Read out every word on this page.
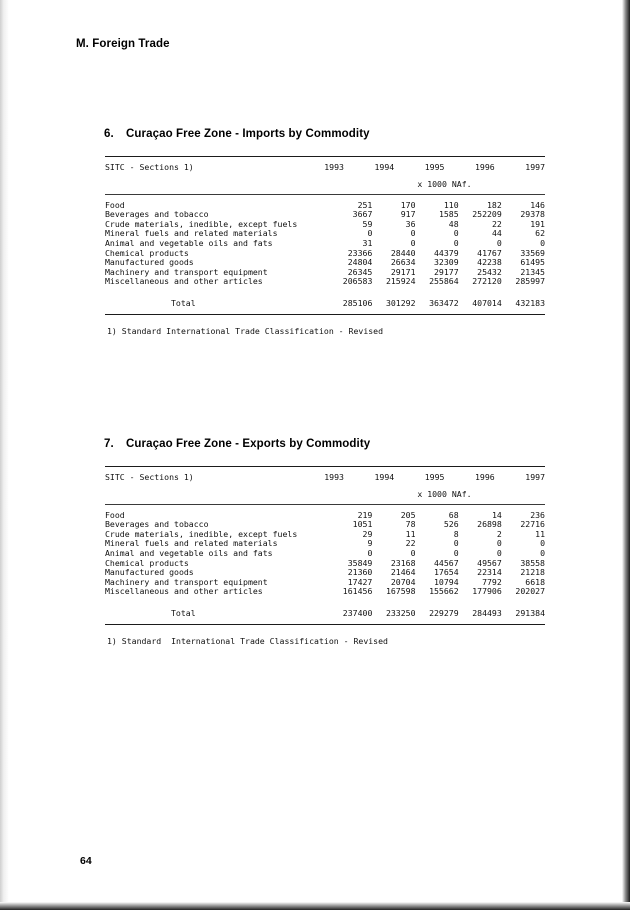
M. Foreign Trade
6. Curaçao Free Zone - Imports by Commodity
SITC - Sections 1)	1993	1994	1995	1996	1997
			x 1000 NAf.		
Food	251	170	110	182	146
Beverages and tobacco	3667	917	1585	252209	29378
Crude materials, inedible, except fuels	59	36	48	22	191
Mineral fuels and related materials	0	0	0	44	62
Animal and vegetable oils and fats	31	0	0	0	0
Chemical products	23366	28440	44379	41767	33569
Manufactured goods	24804	26634	32309	42238	61495
Machinery and transport equipment	26345	29171	29177	25432	21345
Miscellaneous and other articles	206583	215924	255864	272120	285997
Total	285106	301292	363472	407014	432183
1) Standard International Trade Classification - Revised
7. Curaçao Free Zone - Exports by Commodity
SITC - Sections 1)	1993	1994	1995	1996	1997
			x 1000 NAf.		
Food	219	205	68	14	236
Beverages and tobacco	1051	78	526	26898	22716
Crude materials, inedible, except fuels	29	11	8	2	11
Mineral fuels and related materials	9	22	0	0	0
Animal and vegetable oils and fats	0	0	0	0	0
Chemical products	35849	23168	44567	49567	38558
Manufactured goods	21360	21464	17654	22314	21218
Machinery and transport equipment	17427	20704	10794	7792	6618
Miscellaneous and other articles	161456	167598	155662	177906	202027
Total	237400	233250	229279	284493	291384
1) Standard  International Trade Classification - Revised
64
